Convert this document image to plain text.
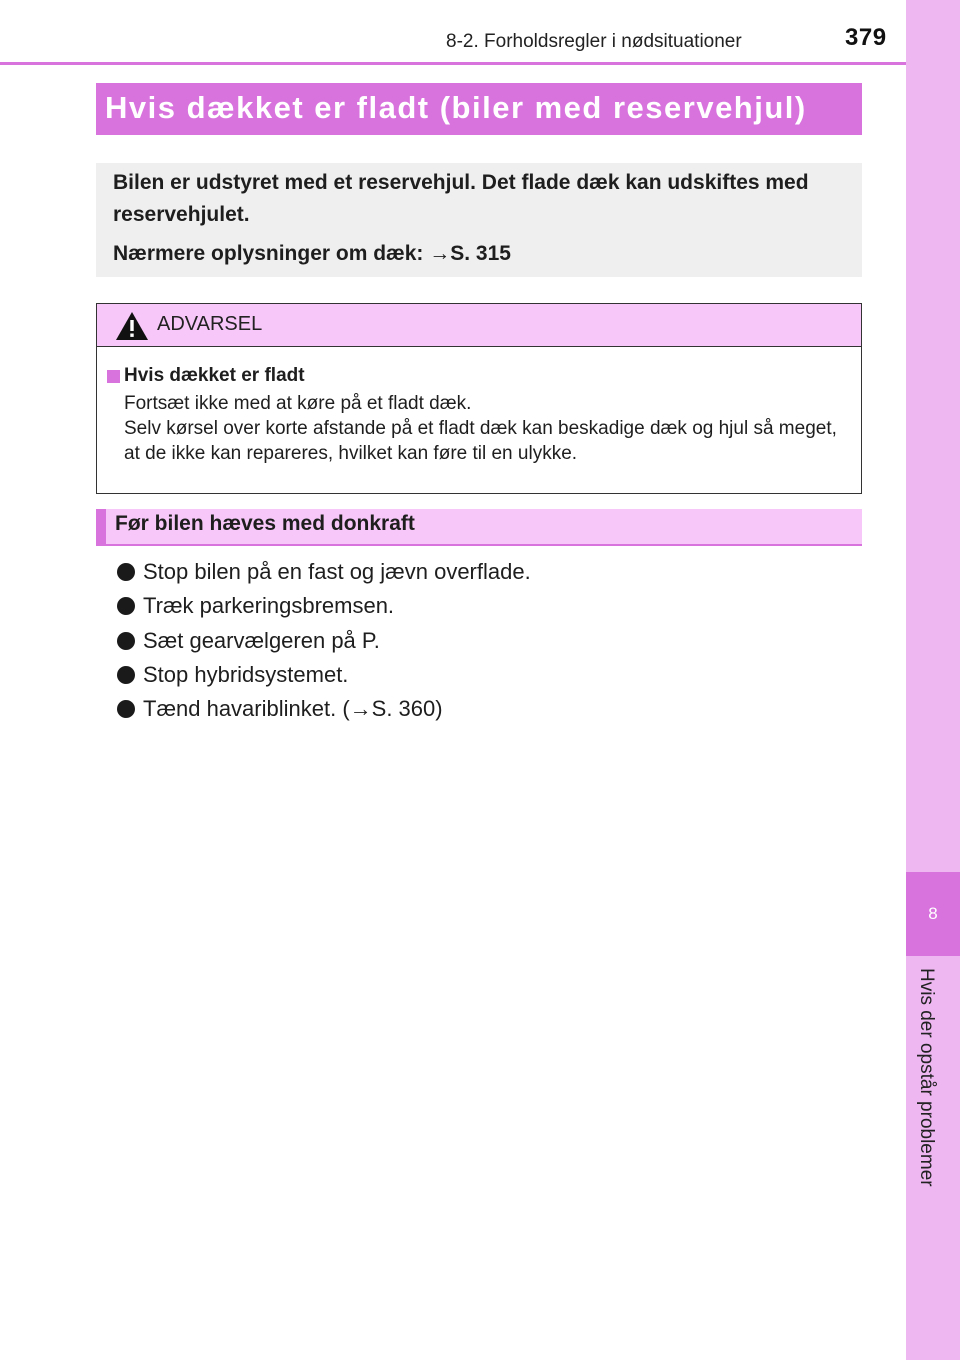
8
Hvis der opstår problemer
8-2. Forholdsregler i nødsituationer	379
Hvis dækket er fladt (biler med reservehjul)

Bilen er udstyret med et reservehjul. Det flade dæk kan udskiftes med reservehjulet.

Nærmere oplysninger om dæk: →S. 315

ADVARSEL
Hvis dækket er fladt
Fortsæt ikke med at køre på et fladt dæk.
Selv kørsel over korte afstande på et fladt dæk kan beskadige dæk og hjul så meget, at de ikke kan repareres, hvilket kan føre til en ulykke.
Før bilen hæves med donkraft
Stop bilen på en fast og jævn overflade.
Træk parkeringsbremsen.
Sæt gearvælgeren på P.
Stop hybridsystemet.
Tænd havariblinket. (→S. 360)
